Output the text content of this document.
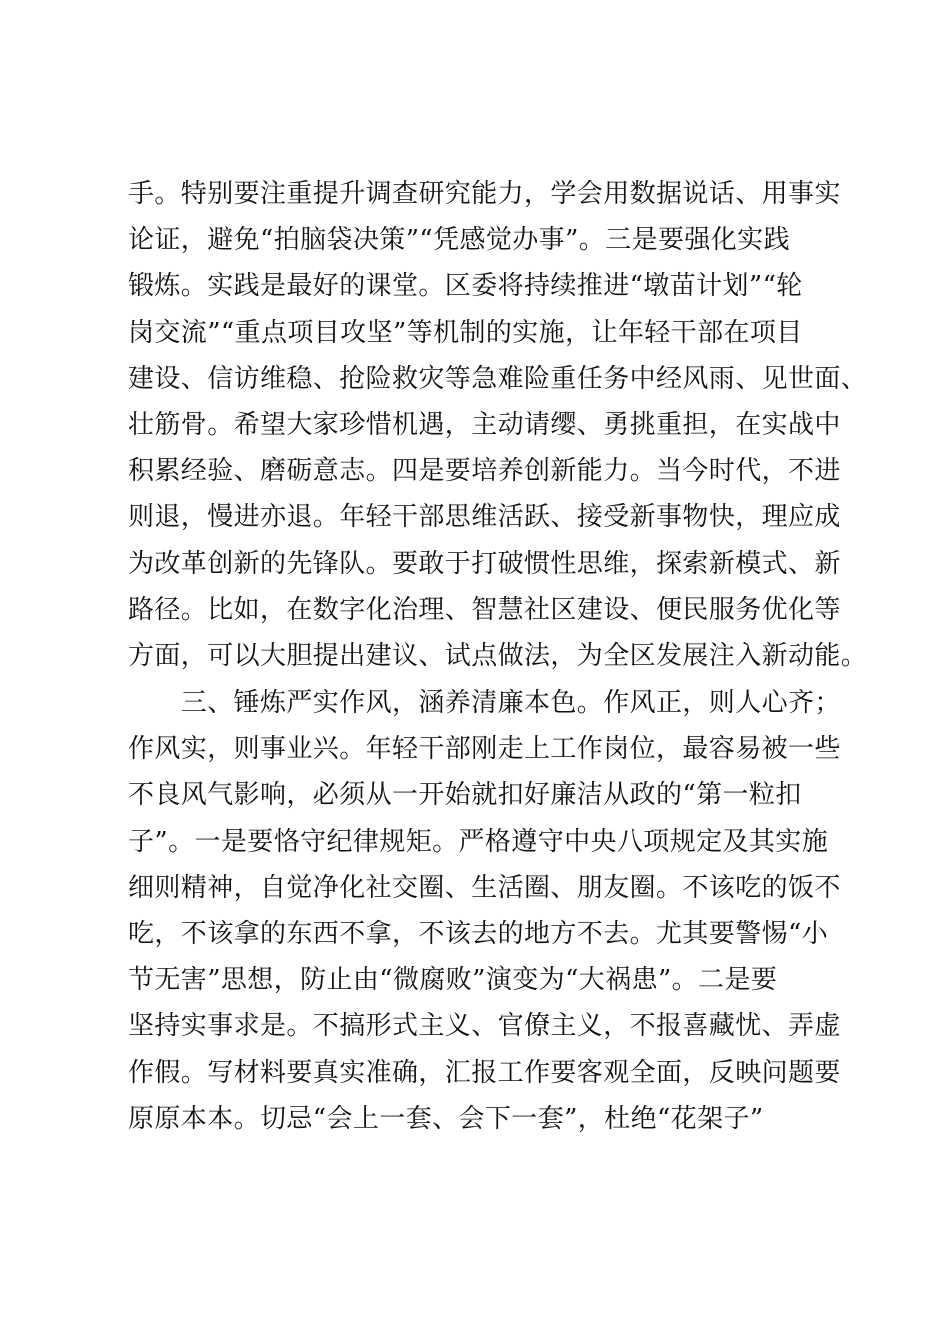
手。特别要注重提升调查研究能力，学会用数据说话、用事实
论证，避免“拍脑袋决策”“凭感觉办事”。三是要强化实践
锻炼。实践是最好的课堂。区委将持续推进“墩苗计划”“轮
岗交流”“重点项目攻坚”等机制的实施，让年轻干部在项目
建设、信访维稳、抢险救灾等急难险重任务中经风雨、见世面、
壮筋骨。希望大家珍惜机遇，主动请缨、勇挑重担，在实战中
积累经验、磨砺意志。四是要培养创新能力。当今时代，不进
则退，慢进亦退。年轻干部思维活跃、接受新事物快，理应成
为改革创新的先锋队。要敢于打破惯性思维，探索新模式、新
路径。比如，在数字化治理、智慧社区建设、便民服务优化等
方面，可以大胆提出建议、试点做法，为全区发展注入新动能。
　　三、锤炼严实作风，涵养清廉本色。作风正，则人心齐；
作风实，则事业兴。年轻干部刚走上工作岗位，最容易被一些
不良风气影响，必须从一开始就扣好廉洁从政的“第一粒扣
子”。一是要恪守纪律规矩。严格遵守中央八项规定及其实施
细则精神，自觉净化社交圈、生活圈、朋友圈。不该吃的饭不
吃，不该拿的东西不拿，不该去的地方不去。尤其要警惕“小
节无害”思想，防止由“微腐败”演变为“大祸患”。二是要
坚持实事求是。不搞形式主义、官僚主义，不报喜藏忧、弄虚
作假。写材料要真实准确，汇报工作要客观全面，反映问题要
原原本本。切忌“会上一套、会下一套”，杜绝“花架子”
